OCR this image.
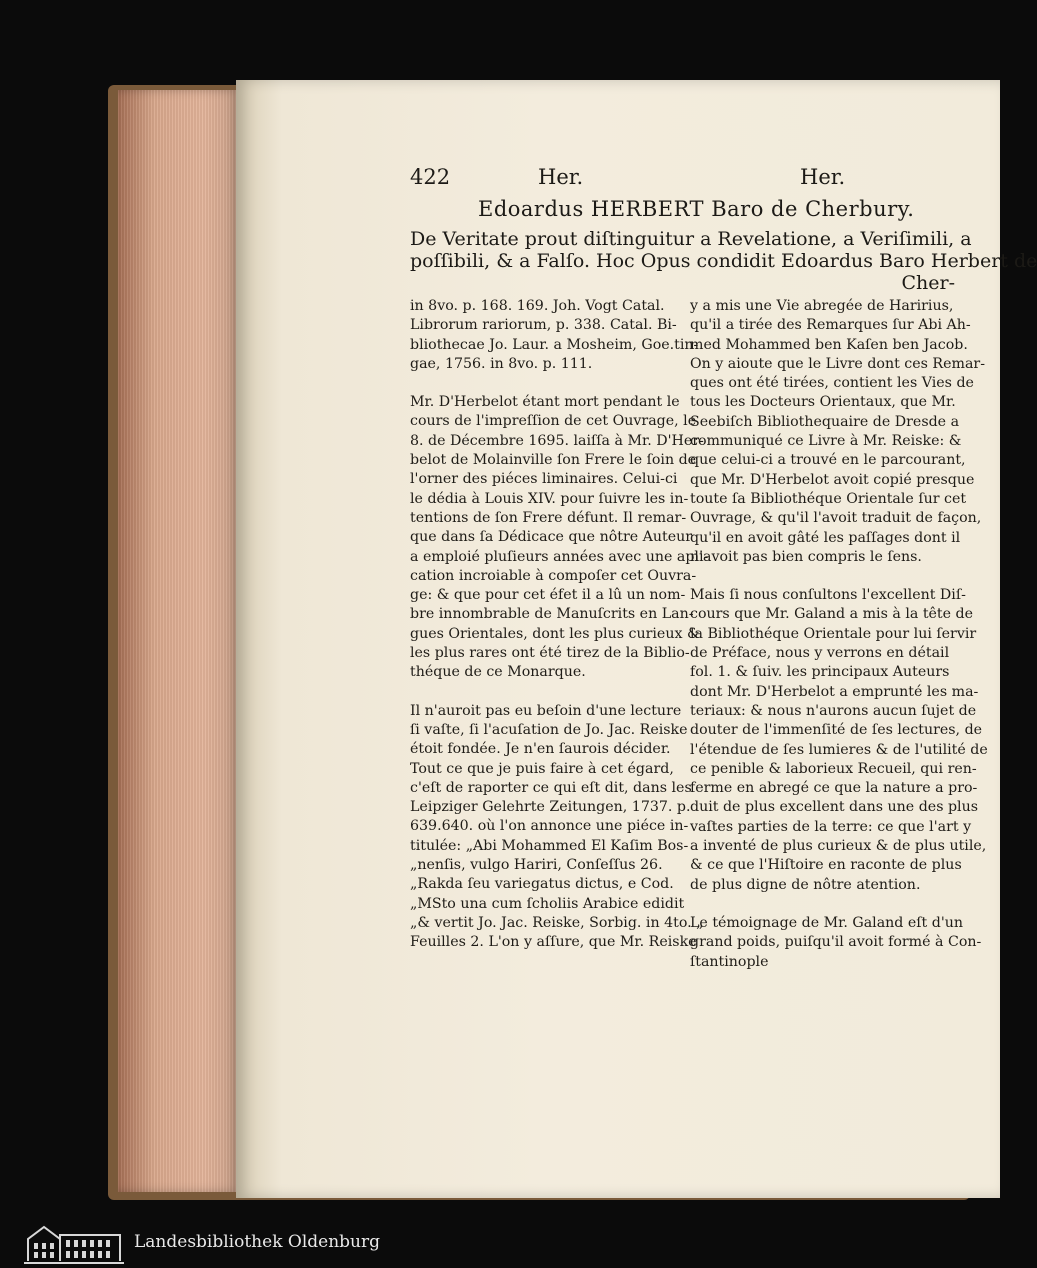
422	Her.	Her.
Edoardus HERBERT Baro de Cherbury.
De Veritate prout diſtinguitur a Revelatione, a Veriſimili, a
poſſibili, & a Falſo. Hoc Opus condidit Edoardus Baro Herbert de
Cher-

in 8vo. p. 168. 169. Joh. Vogt Catal.

Librorum rariorum, p. 338. Catal. Bi-

bliothecae Jo. Laur. a Mosheim, Goe.tin-

gae, 1756. in 8vo. p. 111.

Mr. D'Herbelot étant mort pendant le

cours de l'impreſſion de cet Ouvrage, le

8. de Décembre 1695. laiſſa à Mr. D'Her-

belot de Molainville ſon Frere le ſoin de

l'orner des piéces liminaires. Celui-ci

le dédia à Louis XIV. pour ſuivre les in-

tentions de ſon Frere défunt. Il remar-

que dans ſa Dédicace que nôtre Auteur

a emploié pluſieurs années avec une apli-

cation incroiable à compoſer cet Ouvra-

ge: & que pour cet éfet il a lû un nom-

bre innombrable de Manuſcrits en Lan-

gues Orientales, dont les plus curieux &

les plus rares ont été tirez de la Biblio-

théque de ce Monarque.

Il n'auroit pas eu beſoin d'une lecture

ſi vaſte, ſi l'acuſation de Jo. Jac. Reiske

étoit fondée. Je n'en ſaurois décider.

Tout ce que je puis faire à cet égard,

c'eſt de raporter ce qui eſt dit, dans les

Leipziger Gelehrte Zeitungen, 1737. p.

639.640. où l'on annonce une piéce in-

titulée: „Abi Mohammed El Kaſim Bos-

„nenſis, vulgo Hariri, Conſeſſus 26.

„Rakda ſeu variegatus dictus, e Cod.

„MSto una cum ſcholiis Arabice edidit

„& vertit Jo. Jac. Reiske, Sorbig. in 4to. „

Feuilles 2. L'on y aſſure, que Mr. Reiske

y a mis une Vie abregée de Haririus,

qu'il a tirée des Remarques ſur Abi Ah-

med Mohammed ben Kaſen ben Jacob.

On y aioute que le Livre dont ces Remar-

ques ont été tirées, contient les Vies de

tous les Docteurs Orientaux, que Mr.

Seebiſch Bibliothequaire de Dresde a

communiqué ce Livre à Mr. Reiske: &

que celui-ci a trouvé en le parcourant,

que Mr. D'Herbelot avoit copié presque

toute ſa Bibliothéque Orientale ſur cet

Ouvrage, & qu'il l'avoit traduit de façon,

qu'il en avoit gâté les paſſages dont il

n'avoit pas bien compris le ſens.

Mais ſi nous conſultons l'excellent Diſ-

cours que Mr. Galand a mis à la tête de

la Bibliothéque Orientale pour lui ſervir

de Préface, nous y verrons en détail

fol. 1. & ſuiv. les principaux Auteurs

dont Mr. D'Herbelot a emprunté les ma-

teriaux: & nous n'aurons aucun ſujet de

douter de l'immenſité de ſes lectures, de

l'étendue de ſes lumieres & de l'utilité de

ce penible & laborieux Recueil, qui ren-

ferme en abregé ce que la nature a pro-

duit de plus excellent dans une des plus

vaſtes parties de la terre: ce que l'art y

a inventé de plus curieux & de plus utile,

& ce que l'Hiſtoire en raconte de plus

de plus digne de nôtre atention.

Le témoignage de Mr. Galand eſt d'un

grand poids, puiſqu'il avoit formé à Con-

ſtantinople

Landesbibliothek Oldenburg
